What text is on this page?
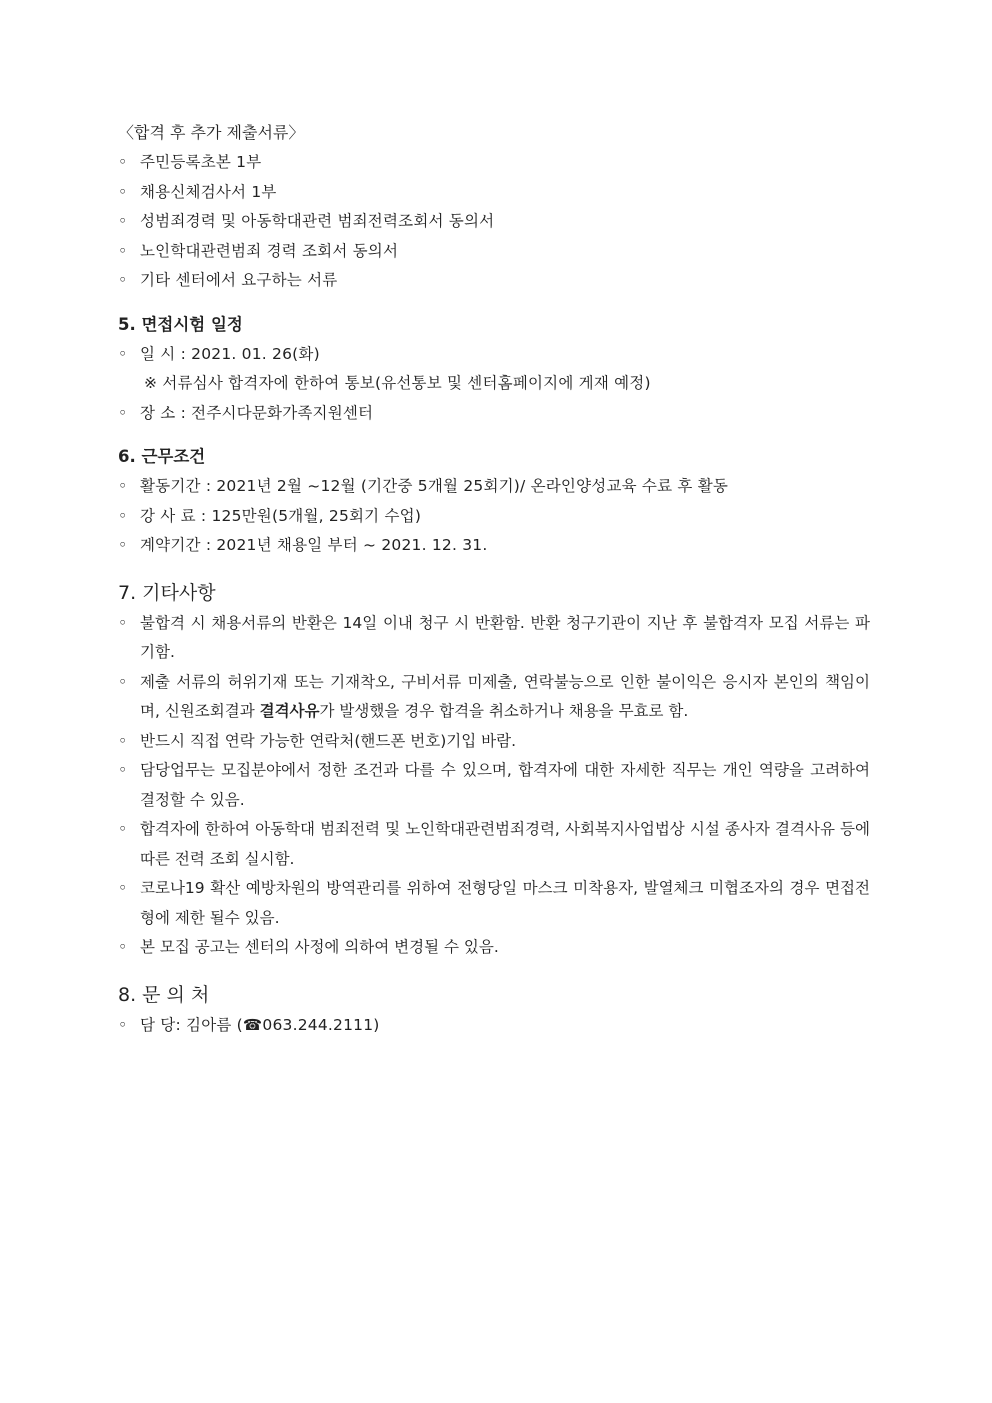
〈합격 후 추가 제출서류〉
◦ 주민등록초본 1부
◦ 채용신체검사서 1부
◦ 성범죄경력 및 아동학대관련 범죄전력조회서 동의서
◦ 노인학대관련범죄 경력 조회서 동의서
◦ 기타 센터에서 요구하는 서류
5. 면접시험 일정
◦ 일 시 : 2021. 01. 26(화)
※ 서류심사 합격자에 한하여 통보(유선통보 및 센터홈페이지에 게재 예정)
◦ 장 소 : 전주시다문화가족지원센터
6. 근무조건
◦ 활동기간 : 2021년 2월 ~12월 (기간중 5개월 25회기)/ 온라인양성교육 수료 후 활동
◦ 강 사 료 : 125만원(5개월, 25회기 수업)
◦ 계약기간 : 2021년 채용일 부터 ~ 2021. 12. 31.
7. 기타사항
◦ 불합격 시 채용서류의 반환은 14일 이내 청구 시 반환함. 반환 청구기관이 지난 후 불합격자 모집 서류는 파기함.
◦ 제출 서류의 허위기재 또는 기재착오, 구비서류 미제출, 연락불능으로 인한 불이익은 응시자 본인의 책임이며, 신원조회결과 결격사유가 발생했을 경우 합격을 취소하거나 채용을 무효로 함.
◦ 반드시 직접 연락 가능한 연락처(핸드폰 번호)기입 바람.
◦ 담당업무는 모집분야에서 정한 조건과 다를 수 있으며, 합격자에 대한 자세한 직무는 개인 역량을 고려하여 결정할 수 있음.
◦ 합격자에 한하여 아동학대 범죄전력 및 노인학대관련범죄경력, 사회복지사업법상 시설 종사자 결격사유 등에 따른 전력 조회 실시함.
◦ 코로나19 확산 예방차원의 방역관리를 위하여 전형당일 마스크 미착용자, 발열체크 미협조자의 경우 면접전형에 제한 될수 있음.
◦ 본 모집 공고는 센터의 사정에 의하여 변경될 수 있음.
8. 문 의 처
◦ 담 당: 김아름 (☎063.244.2111)
